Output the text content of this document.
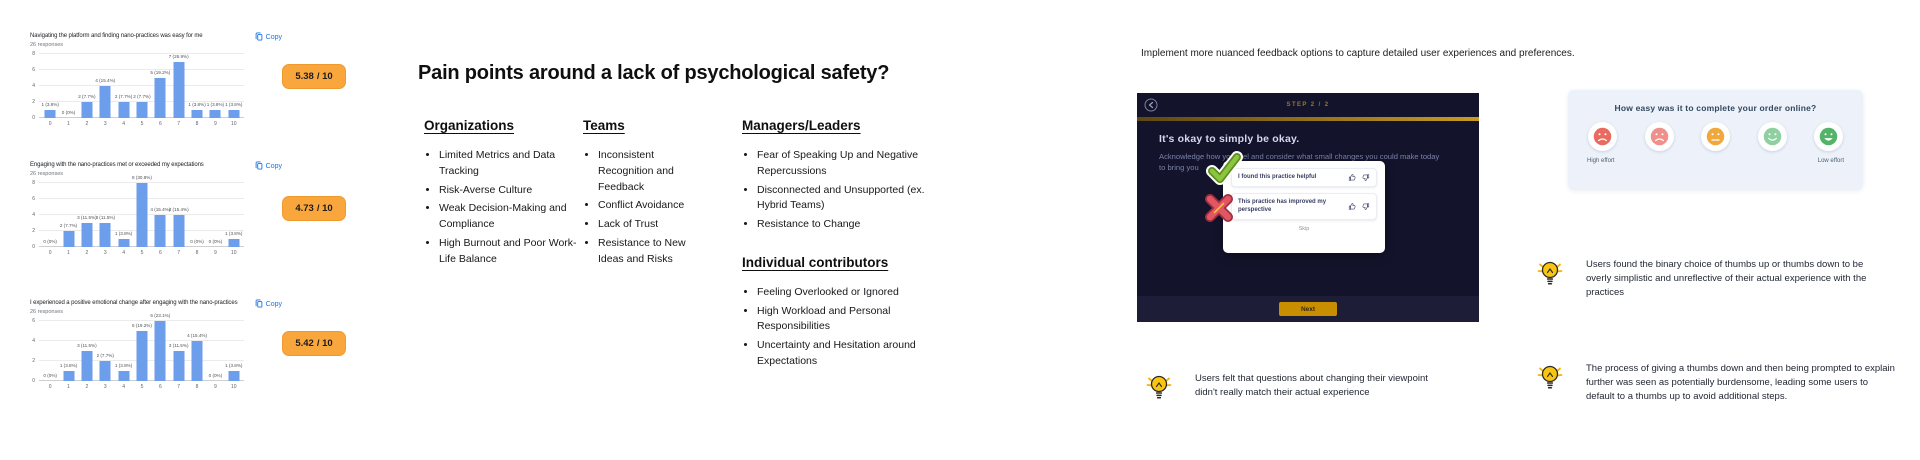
Navigating the platform and finding nano-practices was easy for me	Copy
26 responses
0
2
4
6
8
1 (3.8%)
0
0 (0%)
1
2 (7.7%)
2
4 (15.4%)
3
2 (7.7%)
4
2 (7.7%)
5
5 (19.2%)
6
7 (26.9%)
7
1 (3.8%)
8
1 (3.8%)
9
1 (3.8%)
10
5.38 / 10
Engaging with the nano-practices met or exceeded my expectations	Copy
26 responses
0
2
4
6
8
0 (0%)
0
2 (7.7%)
1
3 (11.5%)
2
3 (11.5%)
3
1 (3.8%)
4
8 (30.8%)
5
4 (15.4%)
6
4 (15.4%)
7
0 (0%)
8
0 (0%)
9
1 (3.8%)
10
4.73 / 10
I experienced a positive emotional change after engaging with the nano-practices	Copy
26 responses
0
2
4
6
0 (0%)
0
1 (3.8%)
1
3 (11.5%)
2
2 (7.7%)
3
1 (3.8%)
4
5 (19.2%)
5
6 (23.1%)
6
3 (11.5%)
7
4 (15.4%)
8
0 (0%)
9
1 (3.8%)
10
5.42 / 10
Pain points around a lack of psychological safety?
Organizations
• Limited Metrics and Data Tracking
• Risk-Averse Culture
• Weak Decision-Making and Compliance
• High Burnout and Poor Work-Life Balance
Teams
• Inconsistent Recognition and Feedback
• Conflict Avoidance
• Lack of Trust
• Resistance to New Ideas and Risks
Managers/Leaders
• Fear of Speaking Up and Negative Repercussions
• Disconnected and Unsupported (ex. Hybrid Teams)
• Resistance to Change
Individual contributors
• Feeling Overlooked or Ignored
• High Workload and Personal Responsibilities
• Uncertainty and Hesitation around Expectations
Implement more nuanced feedback options to capture detailed user experiences and preferences.
STEP 2 / 2
It's okay to simply be okay.
Acknowledge how you feel and consider what small changes you could make today to bring you
I found this practice helpful
This practice has improved my perspective
Skip
Next
How easy was it to complete your order online?
High effort	Low effort
Users felt that questions about changing their viewpoint didn't really match their actual experience
Users found the binary choice of thumbs up or thumbs down to be overly simplistic and unreflective of their actual experience with the practices
The process of giving a thumbs down and then being prompted to explain further was seen as potentially burdensome, leading some users to default to a thumbs up to avoid additional steps.
